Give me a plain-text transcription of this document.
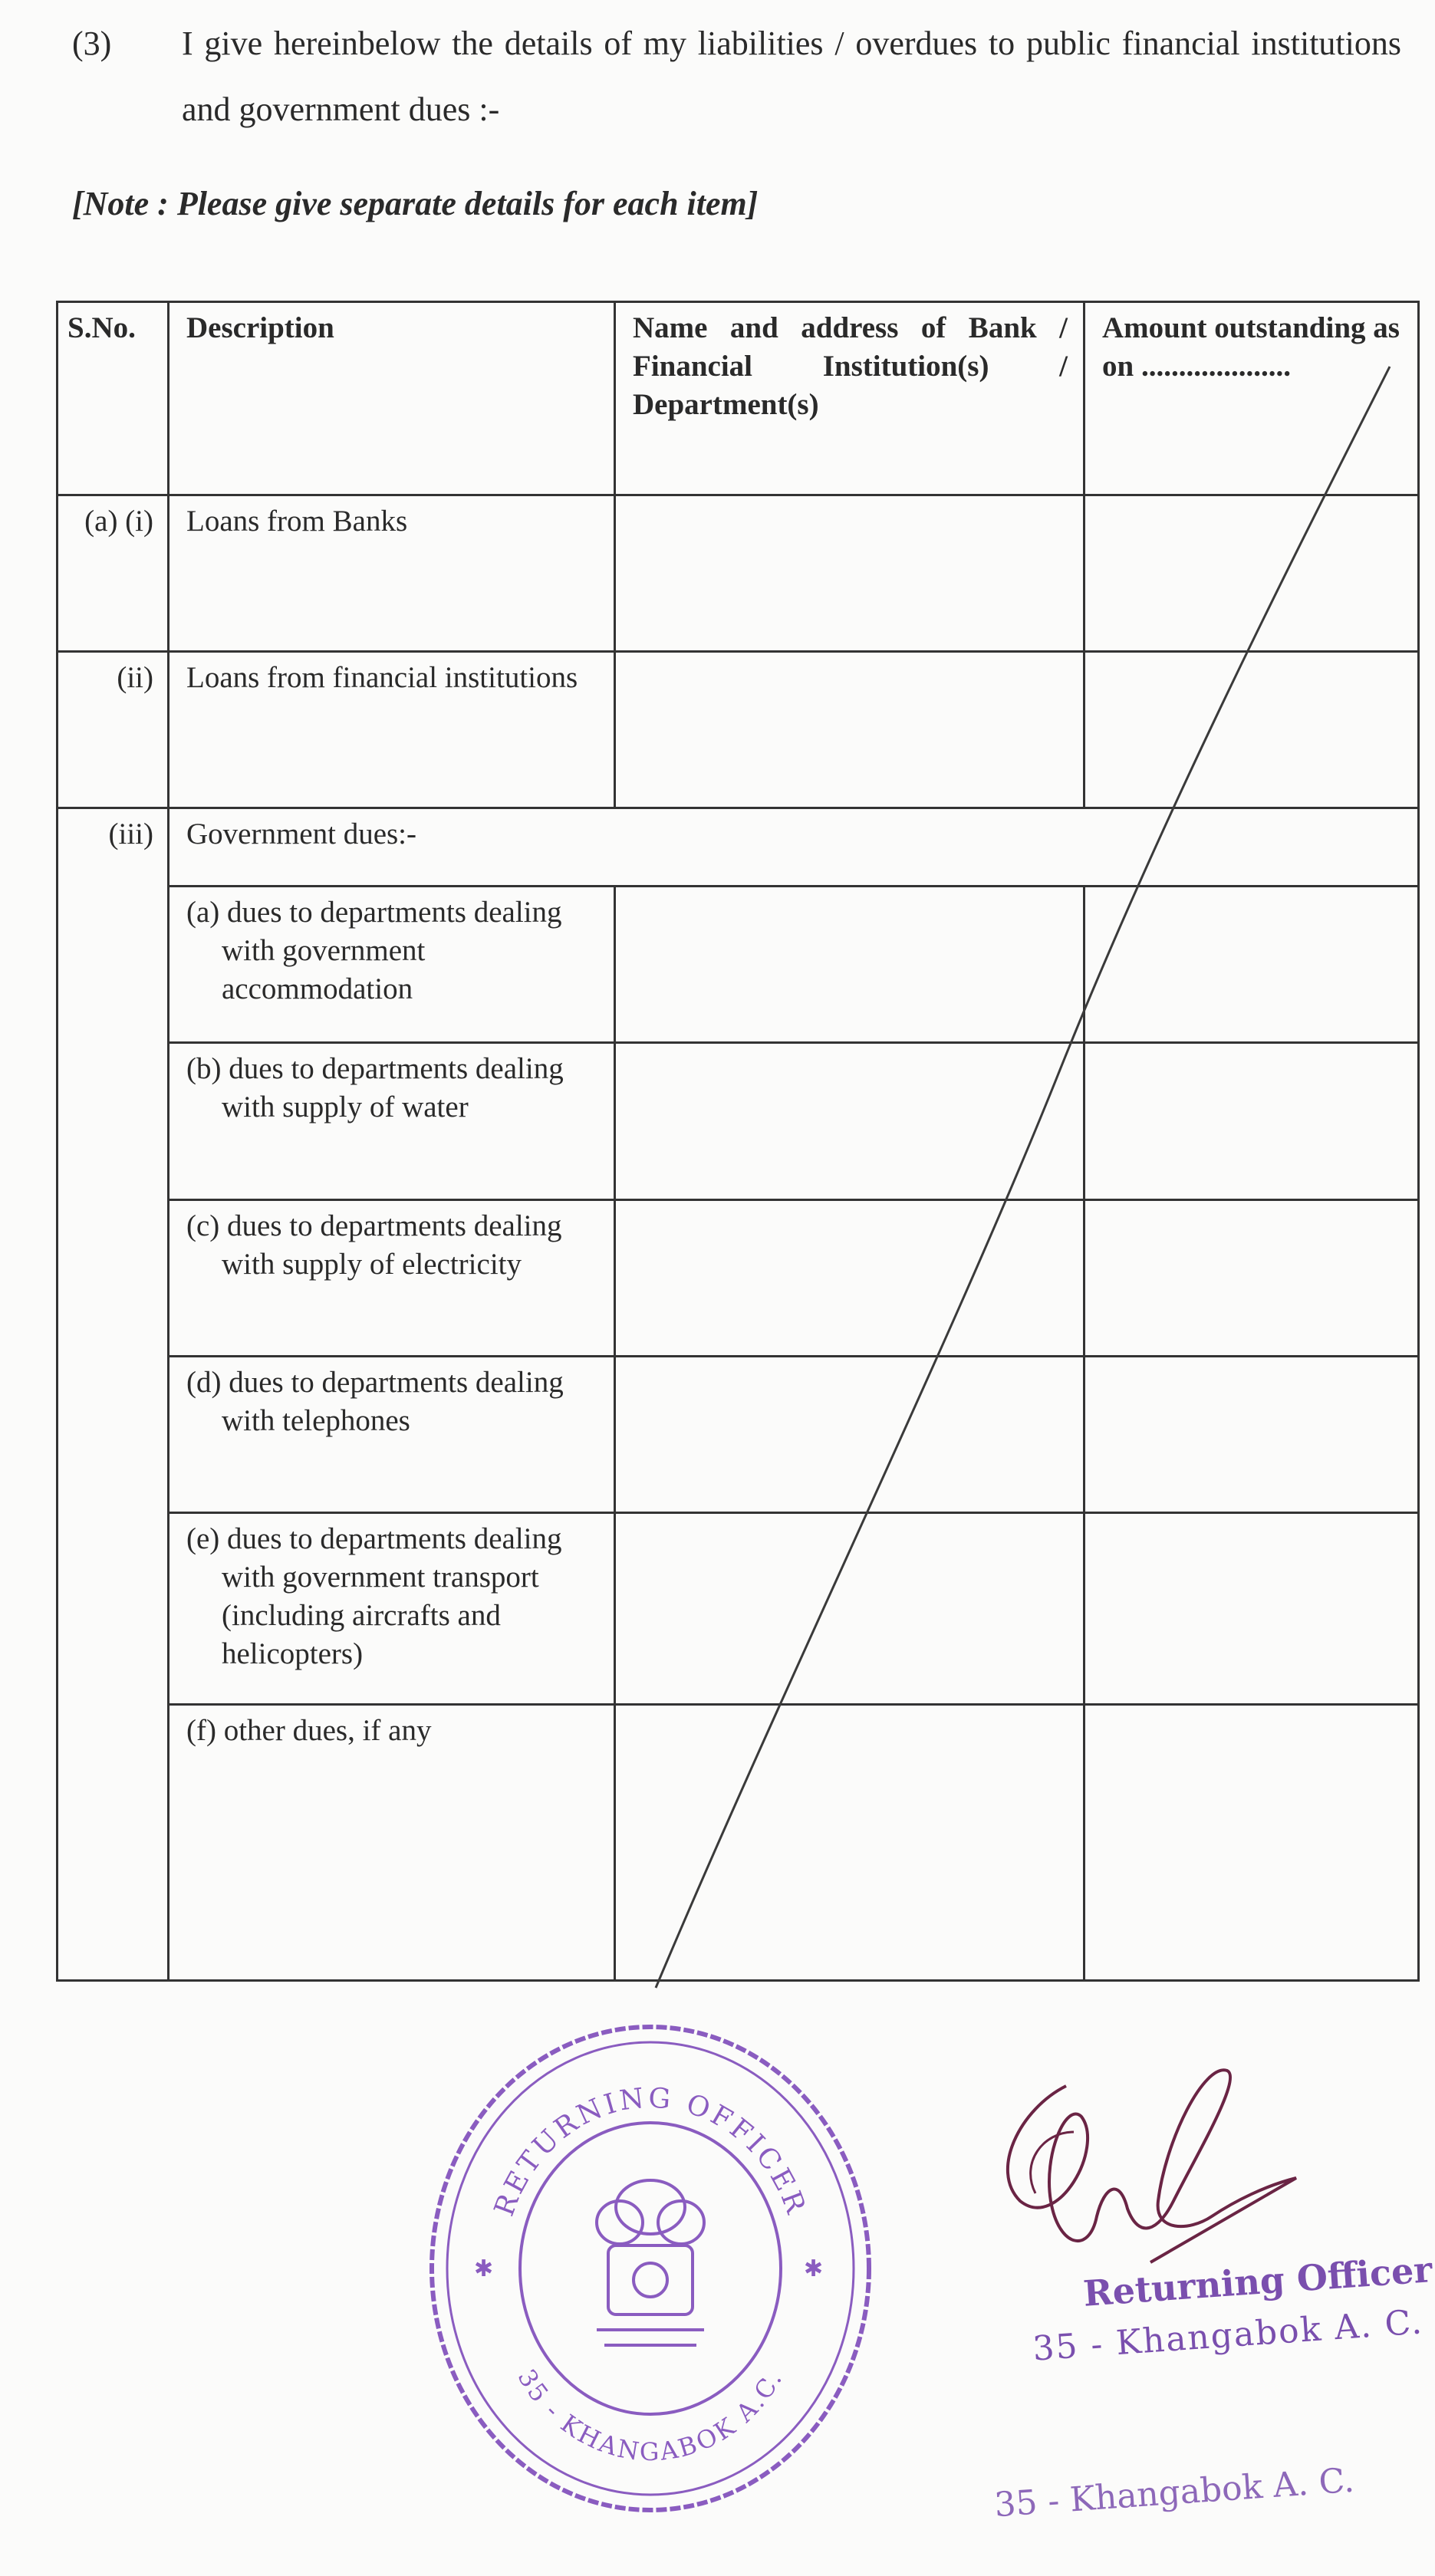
(3) I give hereinbelow the details of my liabilities / overdues to public financial institutions and government dues :-
[Note : Please give separate details for each item]
S.No.	Description	Name and address of Bank / Financial Institution(s) / Department(s)	Amount outstanding as on ....................
(a) (i)	Loans from Banks		
(ii)	Loans from financial institutions		
(iii)	Government dues:-		
	(a) dues to departments dealing with government accommodation		
	(b) dues to departments dealing with supply of water		
	(c) dues to departments dealing with supply of electricity		
	(d) dues to departments dealing with telephones		
	(e) dues to departments dealing with government transport (including aircrafts and helicopters)		
	(f) other dues, if any		
RETURNING OFFICER
35 - KHANGABOK A.C.
✱	✱	Returning Officer
35 - Khangabok A. C.
35 - Khangabok A. C.
